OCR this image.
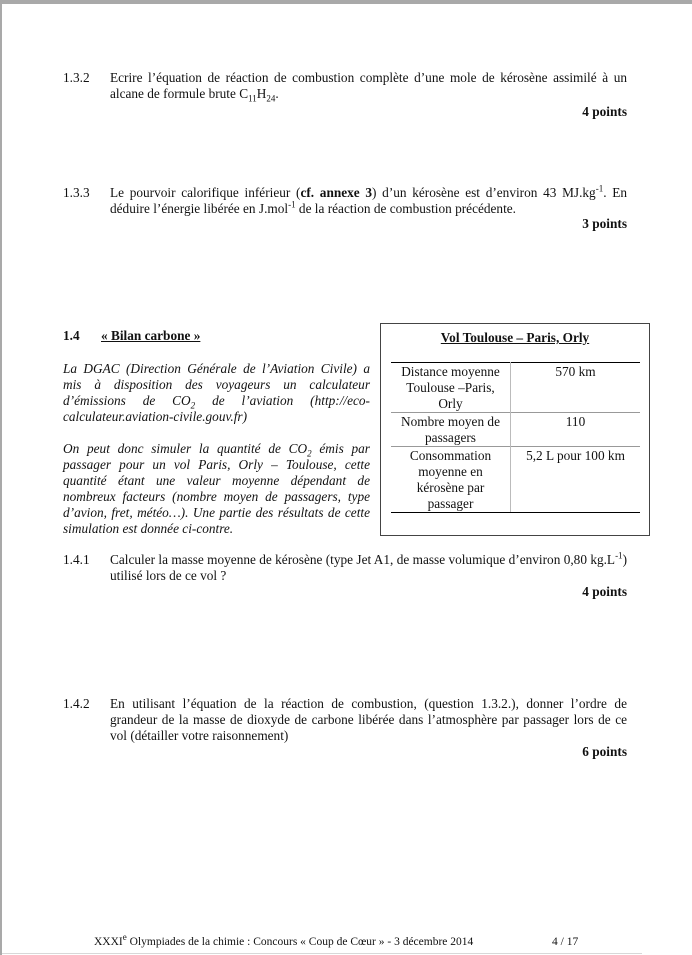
1.3.2 Ecrire l’équation de réaction de combustion complète d’une mole de kérosène assimilé à un alcane de formule brute $C_{11}H_{24}$.
4 points
1.3.3 Le pourvoir calorifique inférieur (cf. annexe 3) d’un kérosène est d’environ 43 $MJ.kg^{-1}$. En déduire l’énergie libérée en J.mol$^{-1}$ de la réaction de combustion précédente.
3 points
1.4 « Bilan carbone »
La DGAC (Direction Générale de l’Aviation Civile) a mis à disposition des voyageurs un calculateur d’émissions de $CO_2$ de l’aviation (http://eco-calculateur.aviation-civile.gouv.fr)
On peut donc simuler la quantité de $CO_2$ émis par passager pour un vol Paris, Orly – Toulouse, cette quantité étant une valeur moyenne dépendant de nombreux facteurs (nombre moyen de passagers, type d’avion, fret, météo…). Une partie des résultats de cette simulation est donnée ci-contre.
Vol Toulouse – Paris, Orly
Distance moyenne Toulouse –Paris, Orly	570 km
Nombre moyen de passagers	110
Consommation moyenne en kérosène par passager	5,2 L pour 100 km
1.4.1 Calculer la masse moyenne de kérosène (type Jet A1, de masse volumique d’environ 0,80 $kg.L^{-1}$) utilisé lors de ce vol ?
4 points
1.4.2 En utilisant l’équation de la réaction de combustion, (question 1.3.2.), donner l’ordre de grandeur de la masse de dioxyde de carbone libérée dans l’atmosphère par passager lors de ce vol (détailler votre raisonnement)
6 points
XXXIe Olympiades de la chimie : Concours « Coup de Cœur » - 3 décembre 2014	4 / 17
